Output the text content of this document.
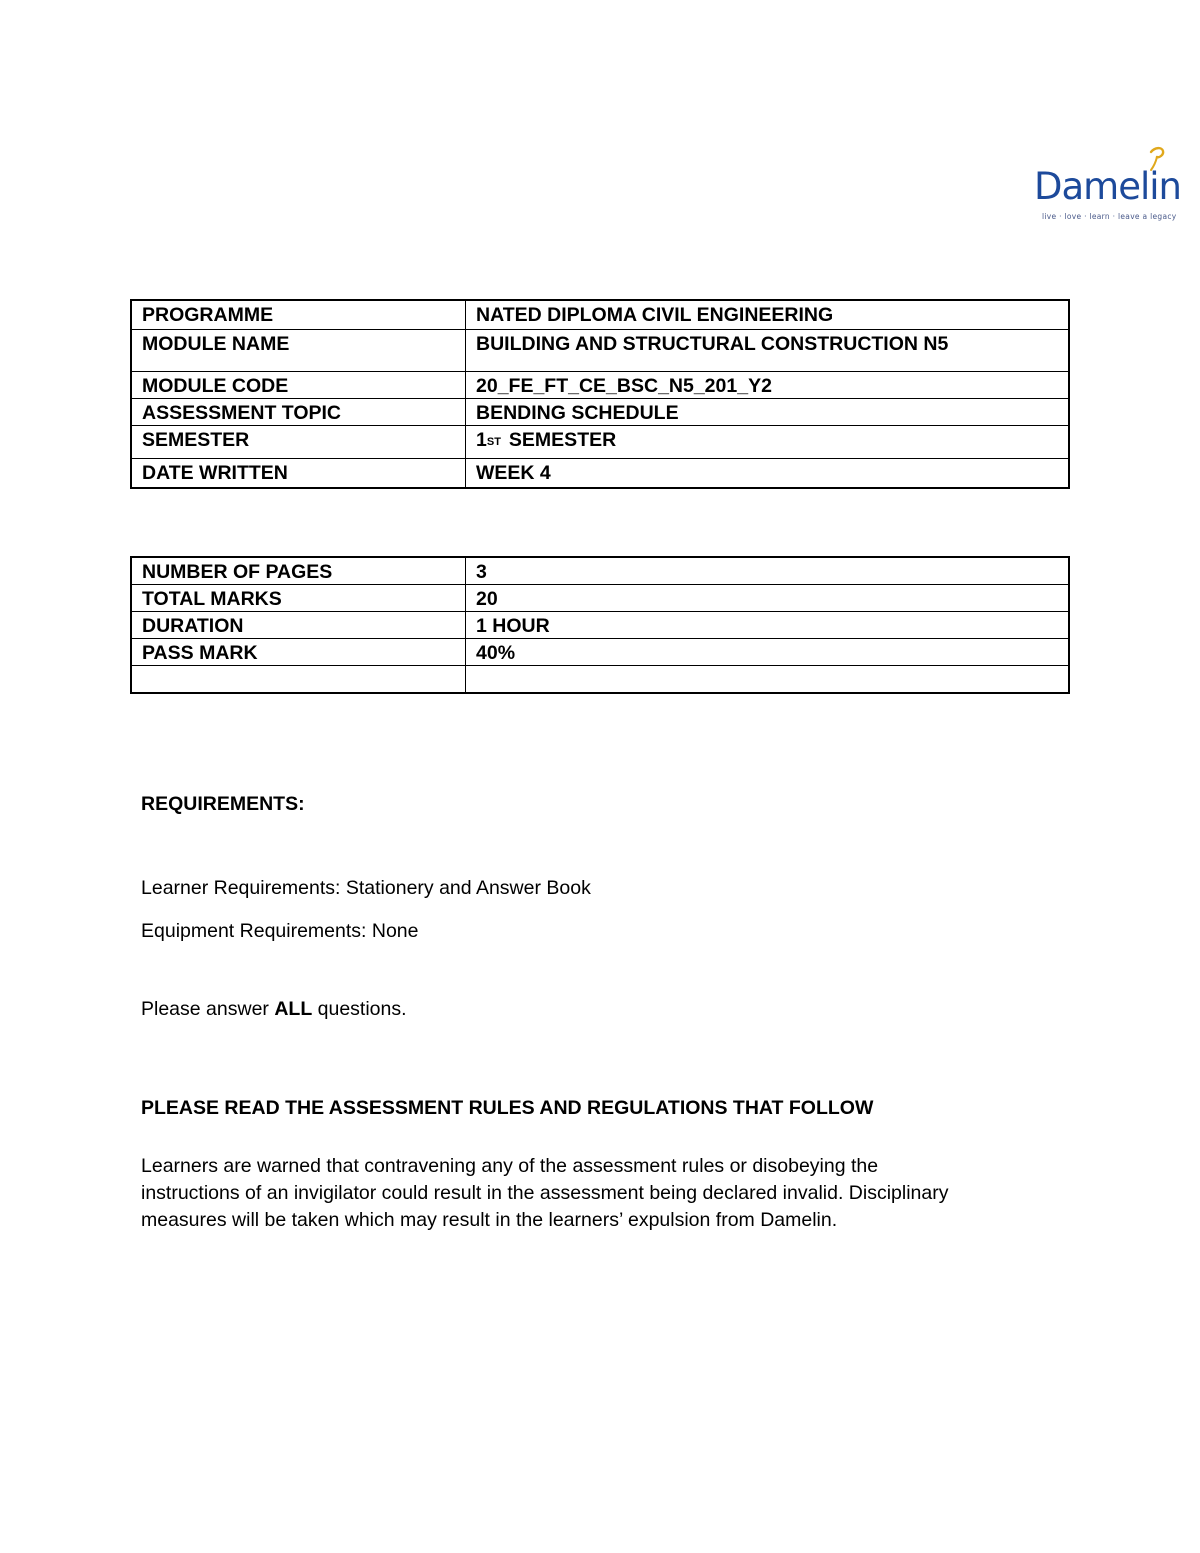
Damelin
live · love · learn · leave a legacy
PROGRAMME	NATED DIPLOMA CIVIL ENGINEERING
MODULE NAME	BUILDING AND STRUCTURAL CONSTRUCTION N5
MODULE CODE	20_FE_FT_CE_BSC_N5_201_Y2
ASSESSMENT TOPIC	BENDING SCHEDULE
SEMESTER	1ST SEMESTER
DATE WRITTEN	WEEK 4
NUMBER OF PAGES	3
TOTAL MARKS	20
DURATION	1 HOUR
PASS MARK	40%

REQUIREMENTS:
Learner Requirements: Stationery and Answer Book
Equipment Requirements: None
Please answer ALL questions.
PLEASE READ THE ASSESSMENT RULES AND REGULATIONS THAT FOLLOW
Learners are warned that contravening any of the assessment rules or disobeying the
instructions of an invigilator could result in the assessment being declared invalid. Disciplinary
measures will be taken which may result in the learners’ expulsion from Damelin.
